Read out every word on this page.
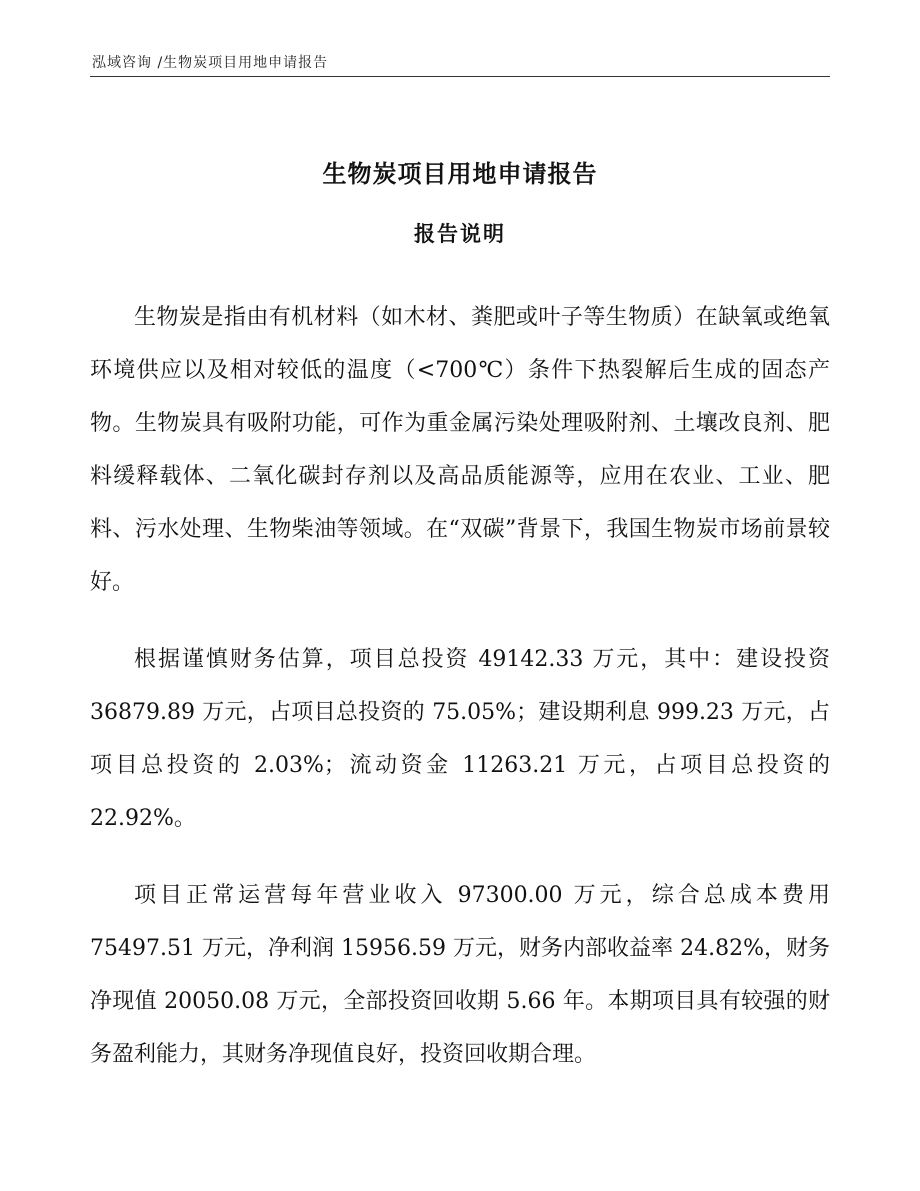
泓域咨询 /生物炭项目用地申请报告
生物炭项目用地申请报告
报告说明

生物炭是指由有机材料（如木材、粪肥或叶子等生物质）在缺氧或绝氧环境供应以及相对较低的温度（<700℃）条件下热裂解后生成的固态产物。生物炭具有吸附功能，可作为重金属污染处理吸附剂、土壤改良剂、肥料缓释载体、二氧化碳封存剂以及高品质能源等，应用在农业、工业、肥料、污水处理、生物柴油等领域。在“双碳”背景下，我国生物炭市场前景较好。

根据谨慎财务估算，项目总投资 49142.33 万元，其中：建设投资 36879.89 万元，占项目总投资的 75.05%；建设期利息 999.23 万元，占项目总投资的 2.03%；流动资金 11263.21 万元，占项目总投资的 22.92%。

项目正常运营每年营业收入 97300.00 万元，综合总成本费用 75497.51 万元，净利润 15956.59 万元，财务内部收益率 24.82%，财务净现值 20050.08 万元，全部投资回收期 5.66 年。本期项目具有较强的财务盈利能力，其财务净现值良好，投资回收期合理。
